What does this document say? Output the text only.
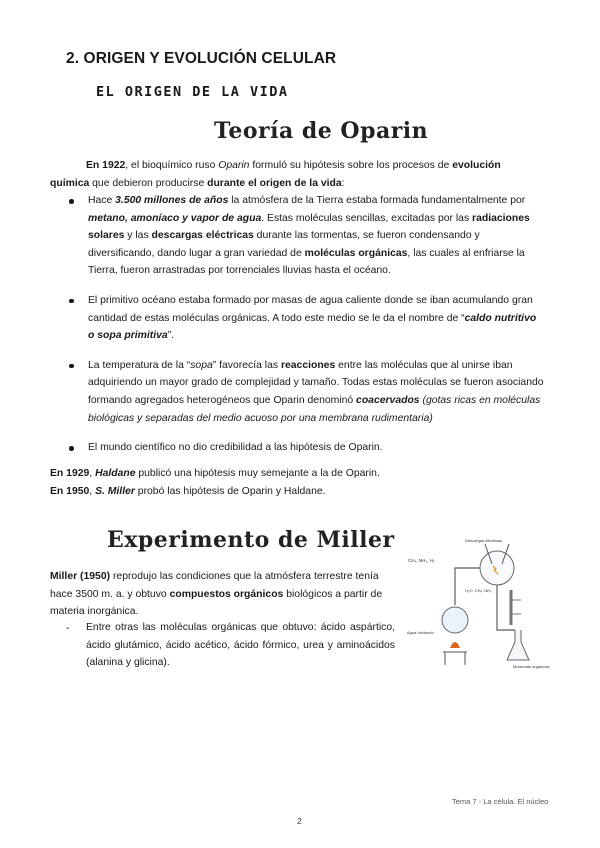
2. ORIGEN Y EVOLUCIÓN CELULAR
EL ORIGEN DE LA VIDA
Teoría de Oparin
En 1922, el bioquímico ruso Oparin formuló su hipótesis sobre los procesos de evolución química que debieron producirse durante el origen de la vida:
Hace 3.500 millones de años la atmósfera de la Tierra estaba formada fundamentalmente por metano, amoníaco y vapor de agua. Estas moléculas sencillas, excitadas por las radiaciones solares y las descargas eléctricas durante las tormentas, se fueron condensando y diversificando, dando lugar a gran variedad de moléculas orgánicas, las cuales al enfriarse la Tierra, fueron arrastradas por torrenciales lluvias hasta el océano.
El primitivo océano estaba formado por masas de agua caliente donde se iban acumulando gran cantidad de estas moléculas orgánicas. A todo este medio se le da el nombre de “caldo nutritivo o sopa primitiva”.
La temperatura de la “sopa” favorecía las reacciones entre las moléculas que al unirse iban adquiriendo un mayor grado de complejidad y tamaño. Todas estas moléculas se fueron asociando formando agregados heterogéneos que Oparin denominó coacervados (gotas ricas en moléculas biológicas y separadas del medio acuoso por una membrana rudimentaria)
El mundo científico no dio credibilidad a las hipótesis de Oparin.
En 1929, Haldane publicó una hipótesis muy semejante a la de Oparin.
En 1950, S. Miller probó las hipótesis de Oparin y Haldane.
Experimento de Miller
Miller (1950) reprodujo las condiciones que la atmósfera terrestre tenía hace 3500 m. a. y obtuvo compuestos orgánicos biológicos a partir de materia inorgánica.
- Entre otras las moléculas orgánicas que obtuvo: ácido aspártico, ácido glutámico, ácido acético, ácido fórmico, urea y aminoácidos (alanina y glicina).
CH₄, NH₃, H₂
Descargas eléctricas
H₂O, CH₄, NH₃
Agua hirviendo
Moléculas orgánicas
Tema 7 - La célula. El núcleo
2
